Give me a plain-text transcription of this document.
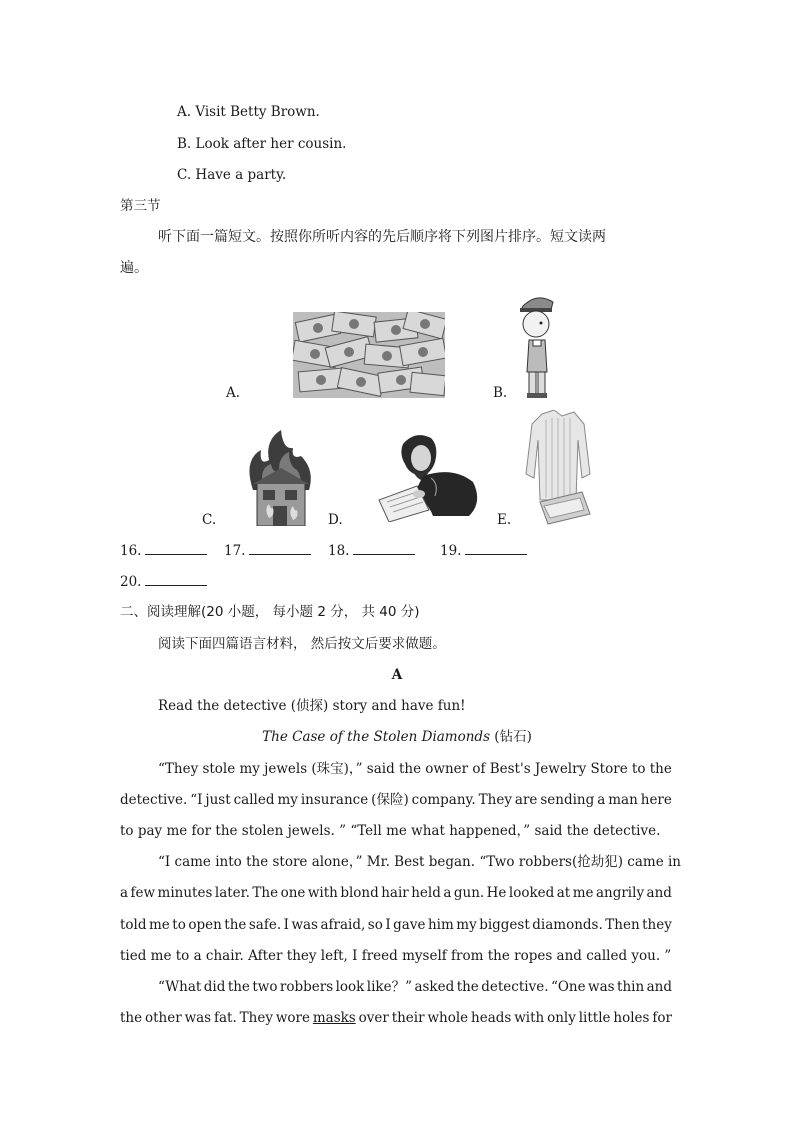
A. Visit Betty Brown.
B. Look after her cousin.
C. Have a party.
第三节
听下面一篇短文。按照你所听内容的先后顺序将下列图片排序。短文读两
遍。
A.	B.
C.	D.	E.
16.	17.	18.	19.
20.
二、阅读理解(20 小题， 每小题 2 分， 共 40 分)
阅读下面四篇语言材料， 然后按文后要求做题。
A
Read the detective (侦探) story and have fun!
The Case of the Stolen Diamonds (钻石)
“They stole my jewels (珠宝)，” said the owner of Best's Jewelry Store to the
detective. “I just called my insurance (保险) company. They are sending a man here
to pay me for the stolen jewels. ” “Tell me what happened，” said the detective.
“I came into the store alone，” Mr. Best began. “Two robbers(抢劫犯) came in
a few minutes later. The one with blond hair held a gun. He looked at me angrily and
told me to open the safe. I was afraid, so I gave him my biggest diamonds. Then they
tied me to a chair. After they left, I freed myself from the ropes and called you. ”
“What did the two robbers look like？” asked the detective. “One was thin and
the other was fat. They wore masks over their whole heads with only little holes for
